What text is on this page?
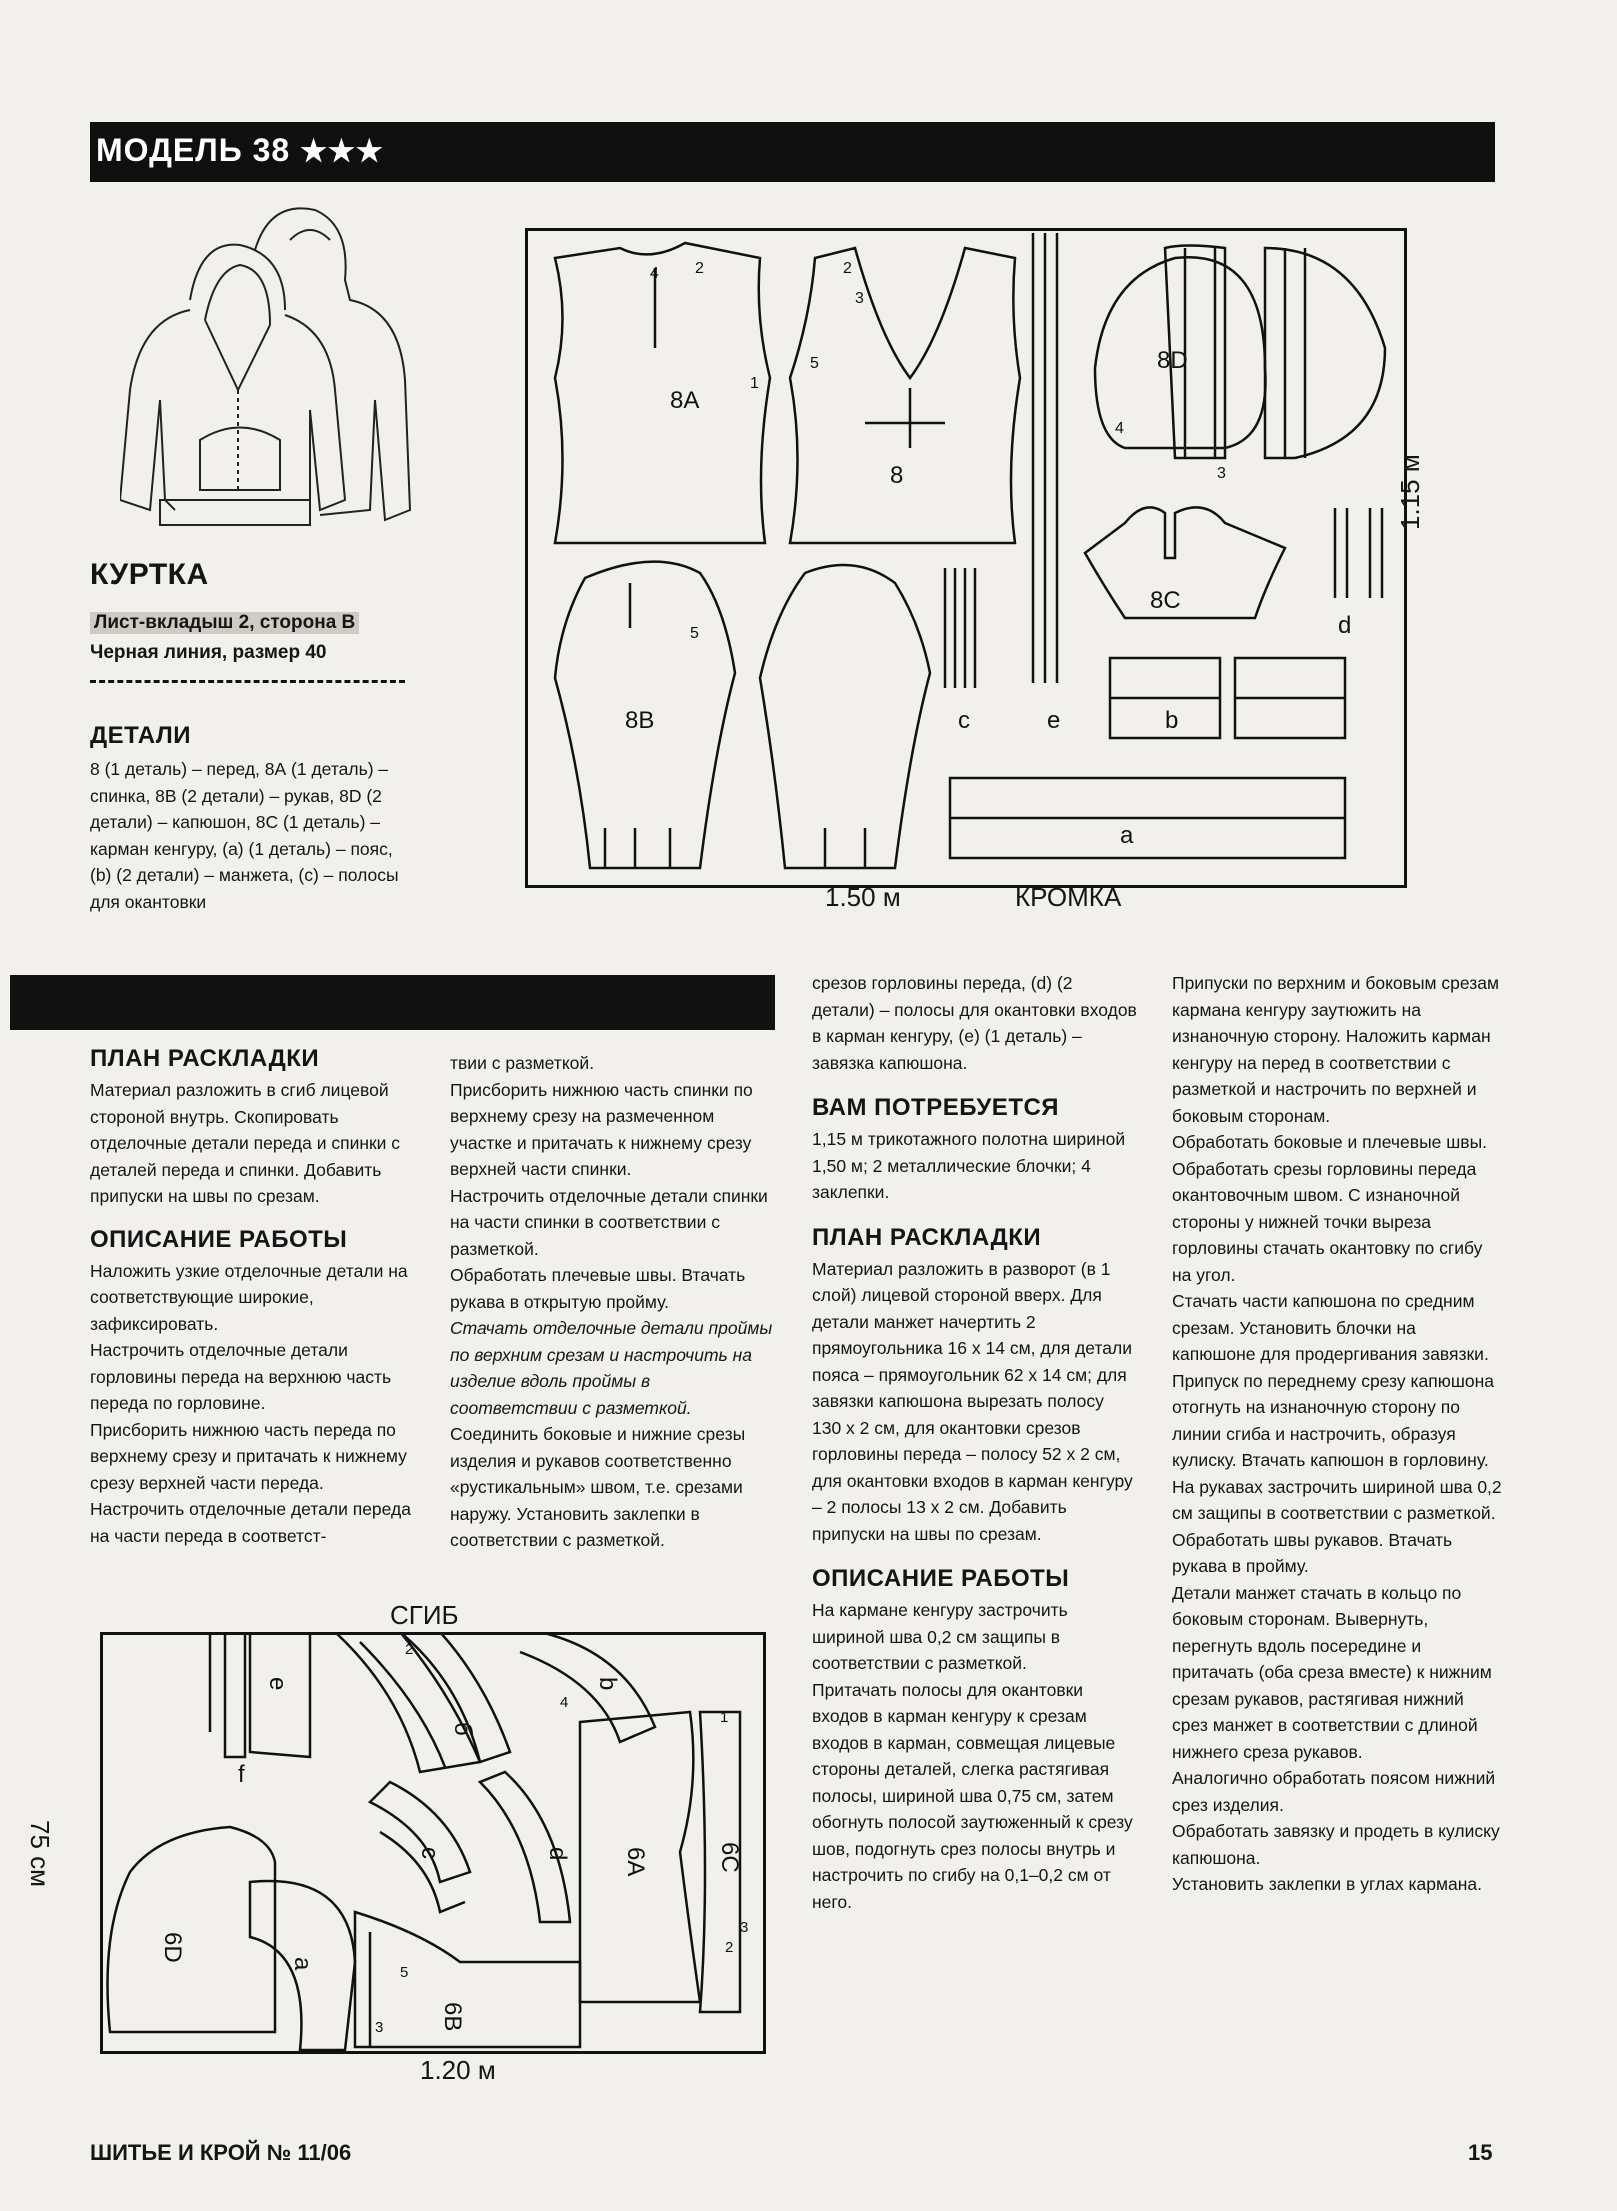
МОДЕЛЬ 38 ★★★
КУРТКА
Лист-вкладыш 2, сторона В
Черная линия, размер 40
ДЕТАЛИ
8 (1 деталь) – перед, 8А (1 деталь) – спинка, 8В (2 детали) – рукав, 8D (2 детали) – капюшон, 8С (1 деталь) – карман кенгуру, (а) (1 деталь) – пояс, (b) (2 детали) – манжета, (с) – полосы для окантовки
8A
8
8D
8B
8C
c	e	b
d
a
4 2
1
5
2
3
5
4
3
1.50 м	КРОМКА
1.15 м
ПЛАН РАСКЛАДКИ
Материал разложить в сгиб лицевой стороной внутрь. Скопировать отделочные детали переда и спинки с деталей переда и спинки. Добавить припуски на швы по срезам.
ОПИСАНИЕ РАБОТЫ
Наложить узкие отделочные детали на соответствующие широкие, зафиксировать.
Настрочить отделочные детали горловины переда на верхнюю часть переда по горловине.
Присборить нижнюю часть переда по верхнему срезу и притачать к нижнему срезу верхней части переда.
Настрочить отделочные детали переда на части переда в соответст-
твии с разметкой.
Присборить нижнюю часть спинки по верхнему срезу на размеченном участке и притачать к нижнему срезу верхней части спинки.
Настрочить отделочные детали спинки на части спинки в соответствии с разметкой.
Обработать плечевые швы. Втачать рукава в открытую пройму.
Стачать отделочные детали проймы по верхним срезам и настрочить на изделие вдоль проймы в соответствии с разметкой.
Соединить боковые и нижние срезы изделия и рукавов соответственно «рустикальным» швом, т.е. срезами наружу. Установить заклепки в соответствии с разметкой.
срезов горловины переда, (d) (2 детали) – полосы для окантовки входов в карман кенгуру, (е) (1 деталь) – завязка капюшона.
ВАМ ПОТРЕБУЕТСЯ
1,15 м трикотажного полотна шириной 1,50 м; 2 металлические блочки; 4 заклепки.
ПЛАН РАСКЛАДКИ
Материал разложить в разворот (в 1 слой) лицевой стороной вверх. Для детали манжет начертить 2 прямоугольника 16 x 14 см, для детали пояса – прямоугольник 62 x 14 см; для завязки капюшона вырезать полосу 130 x 2 см, для окантовки срезов горловины переда – полосу 52 x 2 см, для окантовки входов в карман кенгуру – 2 полосы 13 x 2 см. Добавить припуски на швы по срезам.
ОПИСАНИЕ РАБОТЫ
На кармане кенгуру застрочить шириной шва 0,2 см защипы в соответствии с разметкой.
Притачать полосы для окантовки входов в карман кенгуру к срезам входов в карман, совмещая лицевые стороны деталей, слегка растягивая полосы, шириной шва 0,75 см, затем обогнуть полосой заутюженный к срезу шов, подогнуть срез полосы внутрь и настрочить по сгибу на 0,1–0,2 см от него.
Припуски по верхним и боковым срезам кармана кенгуру заутюжить на изнаночную сторону. Наложить карман кенгуру на перед в соответствии с разметкой и настрочить по верхней и боковым сторонам.
Обработать боковые и плечевые швы.
Обработать срезы горловины переда окантовочным швом. С изнаночной стороны у нижней точки выреза горловины стачать окантовку по сгибу на угол.
Стачать части капюшона по средним срезам. Установить блочки на капюшоне для продергивания завязки. Припуск по переднему срезу капюшона отогнуть на изнаночную сторону по линии сгиба и настрочить, образуя кулиску. Втачать капюшон в горловину.
На рукавах застрочить шириной шва 0,2 см защипы в соответствии с разметкой. Обработать швы рукавов. Втачать рукава в пройму.
Детали манжет стачать в кольцо по боковым сторонам. Вывернуть, перегнуть вдоль посередине и притачать (оба среза вместе) к нижним срезам рукавов, растягивая нижний срез манжет в соответствии с длиной нижнего среза рукавов.
Аналогично обработать поясом нижний срез изделия.
Обработать завязку и продеть в кулиску капюшона.
Установить заклепки в углах кармана.
СГИБ
e
f
b
б
6A	6C
c	d
6D
a
6B
2
4
2
3
1
5
3
75 см
1.20 м
ШИТЬЕ И КРОЙ № 11/06	15
